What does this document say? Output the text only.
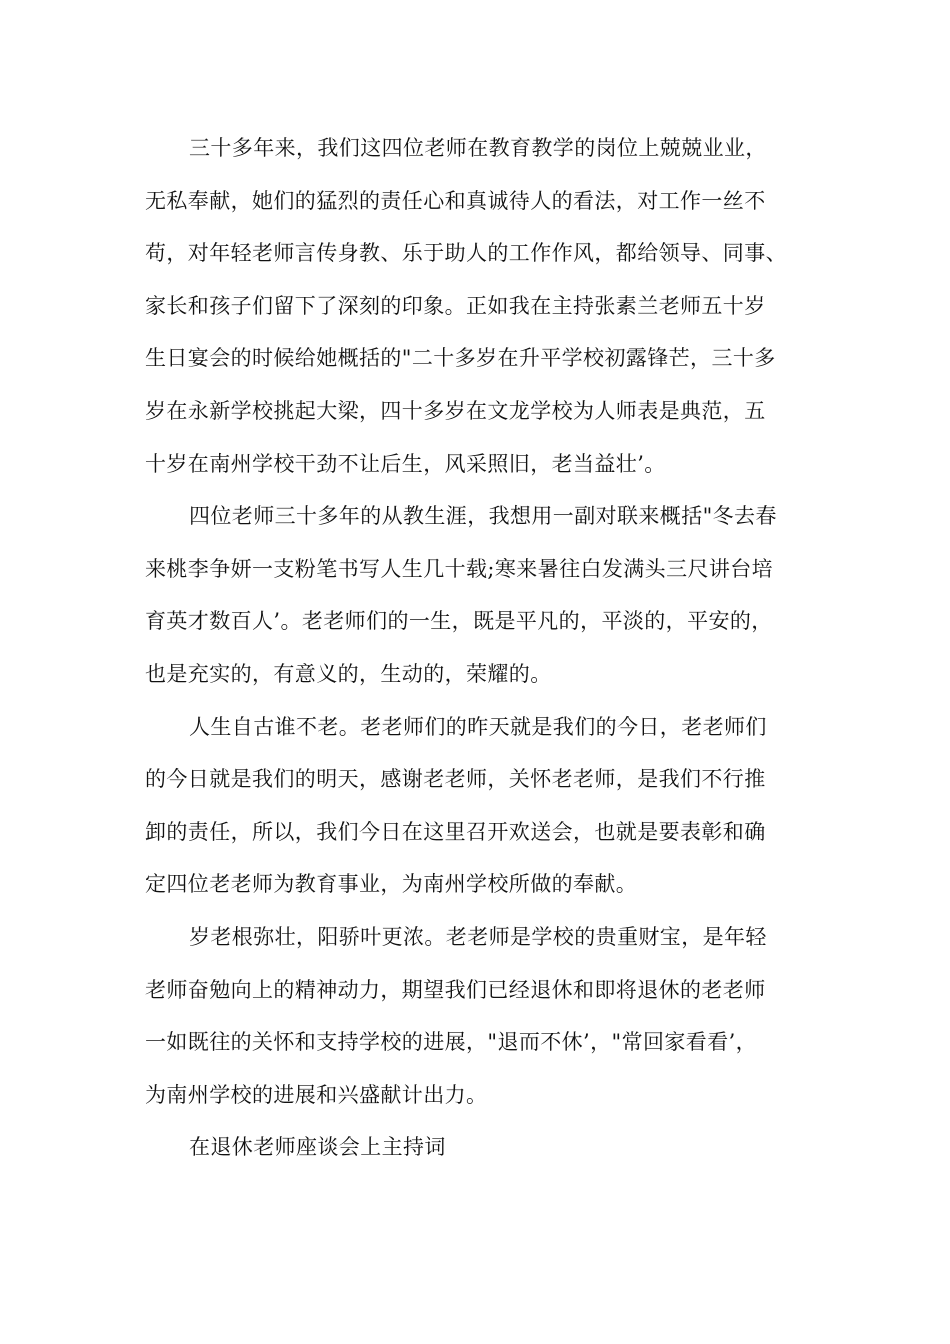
三十多年来，我们这四位老师在教育教学的岗位上兢兢业业，
无私奉献，她们的猛烈的责任心和真诚待人的看法，对工作一丝不
苟，对年轻老师言传身教、乐于助人的工作作风，都给领导、同事、
家长和孩子们留下了深刻的印象。正如我在主持张素兰老师五十岁
生日宴会的时候给她概括的"二十多岁在升平学校初露锋芒，三十多
岁在永新学校挑起大梁，四十多岁在文龙学校为人师表是典范，五
十岁在南州学校干劲不让后生，风采照旧，老当益壮’。
四位老师三十多年的从教生涯，我想用一副对联来概括"冬去春
来桃李争妍一支粉笔书写人生几十载;寒来暑往白发满头三尺讲台培
育英才数百人’。老老师们的一生，既是平凡的，平淡的，平安的，
也是充实的，有意义的，生动的，荣耀的。
人生自古谁不老。老老师们的昨天就是我们的今日，老老师们
的今日就是我们的明天，感谢老老师，关怀老老师，是我们不行推
卸的责任，所以，我们今日在这里召开欢送会，也就是要表彰和确
定四位老老师为教育事业，为南州学校所做的奉献。
岁老根弥壮，阳骄叶更浓。老老师是学校的贵重财宝，是年轻
老师奋勉向上的精神动力，期望我们已经退休和即将退休的老老师
一如既往的关怀和支持学校的进展，"退而不休’，"常回家看看’，
为南州学校的进展和兴盛献计出力。
在退休老师座谈会上主持词
